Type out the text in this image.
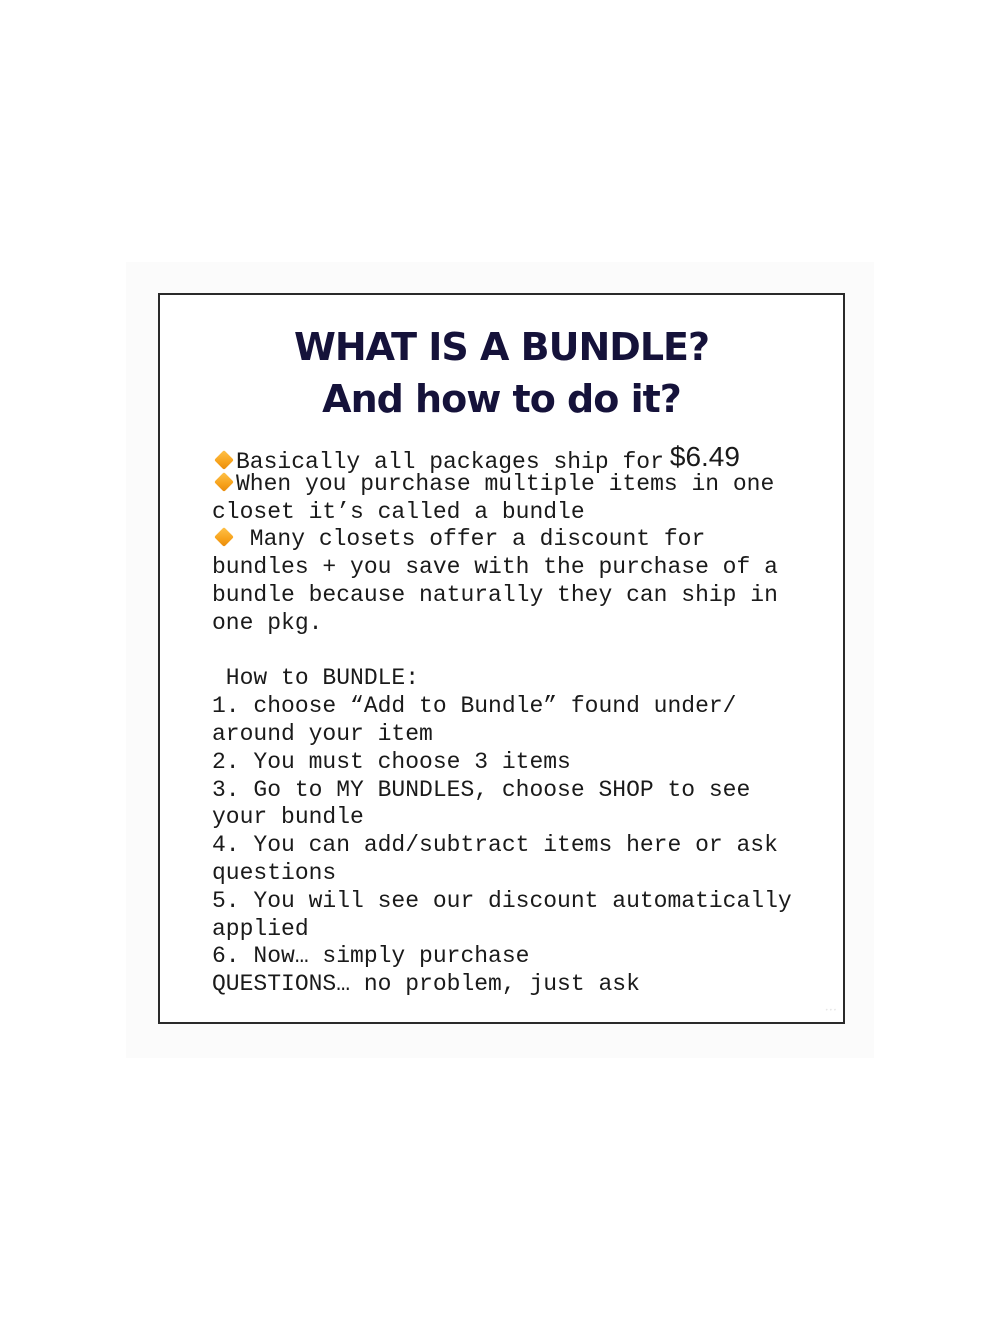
WHAT IS A BUNDLE?
And how to do it?
Basically all packages ship for $6.49
When you purchase multiple items in one
closet it’s called a bundle
Many closets offer a discount for
bundles + you save with the purchase of a
bundle because naturally they can ship in
one pkg.
How to BUNDLE:
1. choose “Add to Bundle” found under/
around your item
2. You must choose 3 items
3. Go to MY BUNDLES, choose SHOP to see
your bundle
4. You can add/subtract items here or ask
questions
5. You will see our discount automatically
applied
6. Now… simply purchase
QUESTIONS… no problem, just ask
···
